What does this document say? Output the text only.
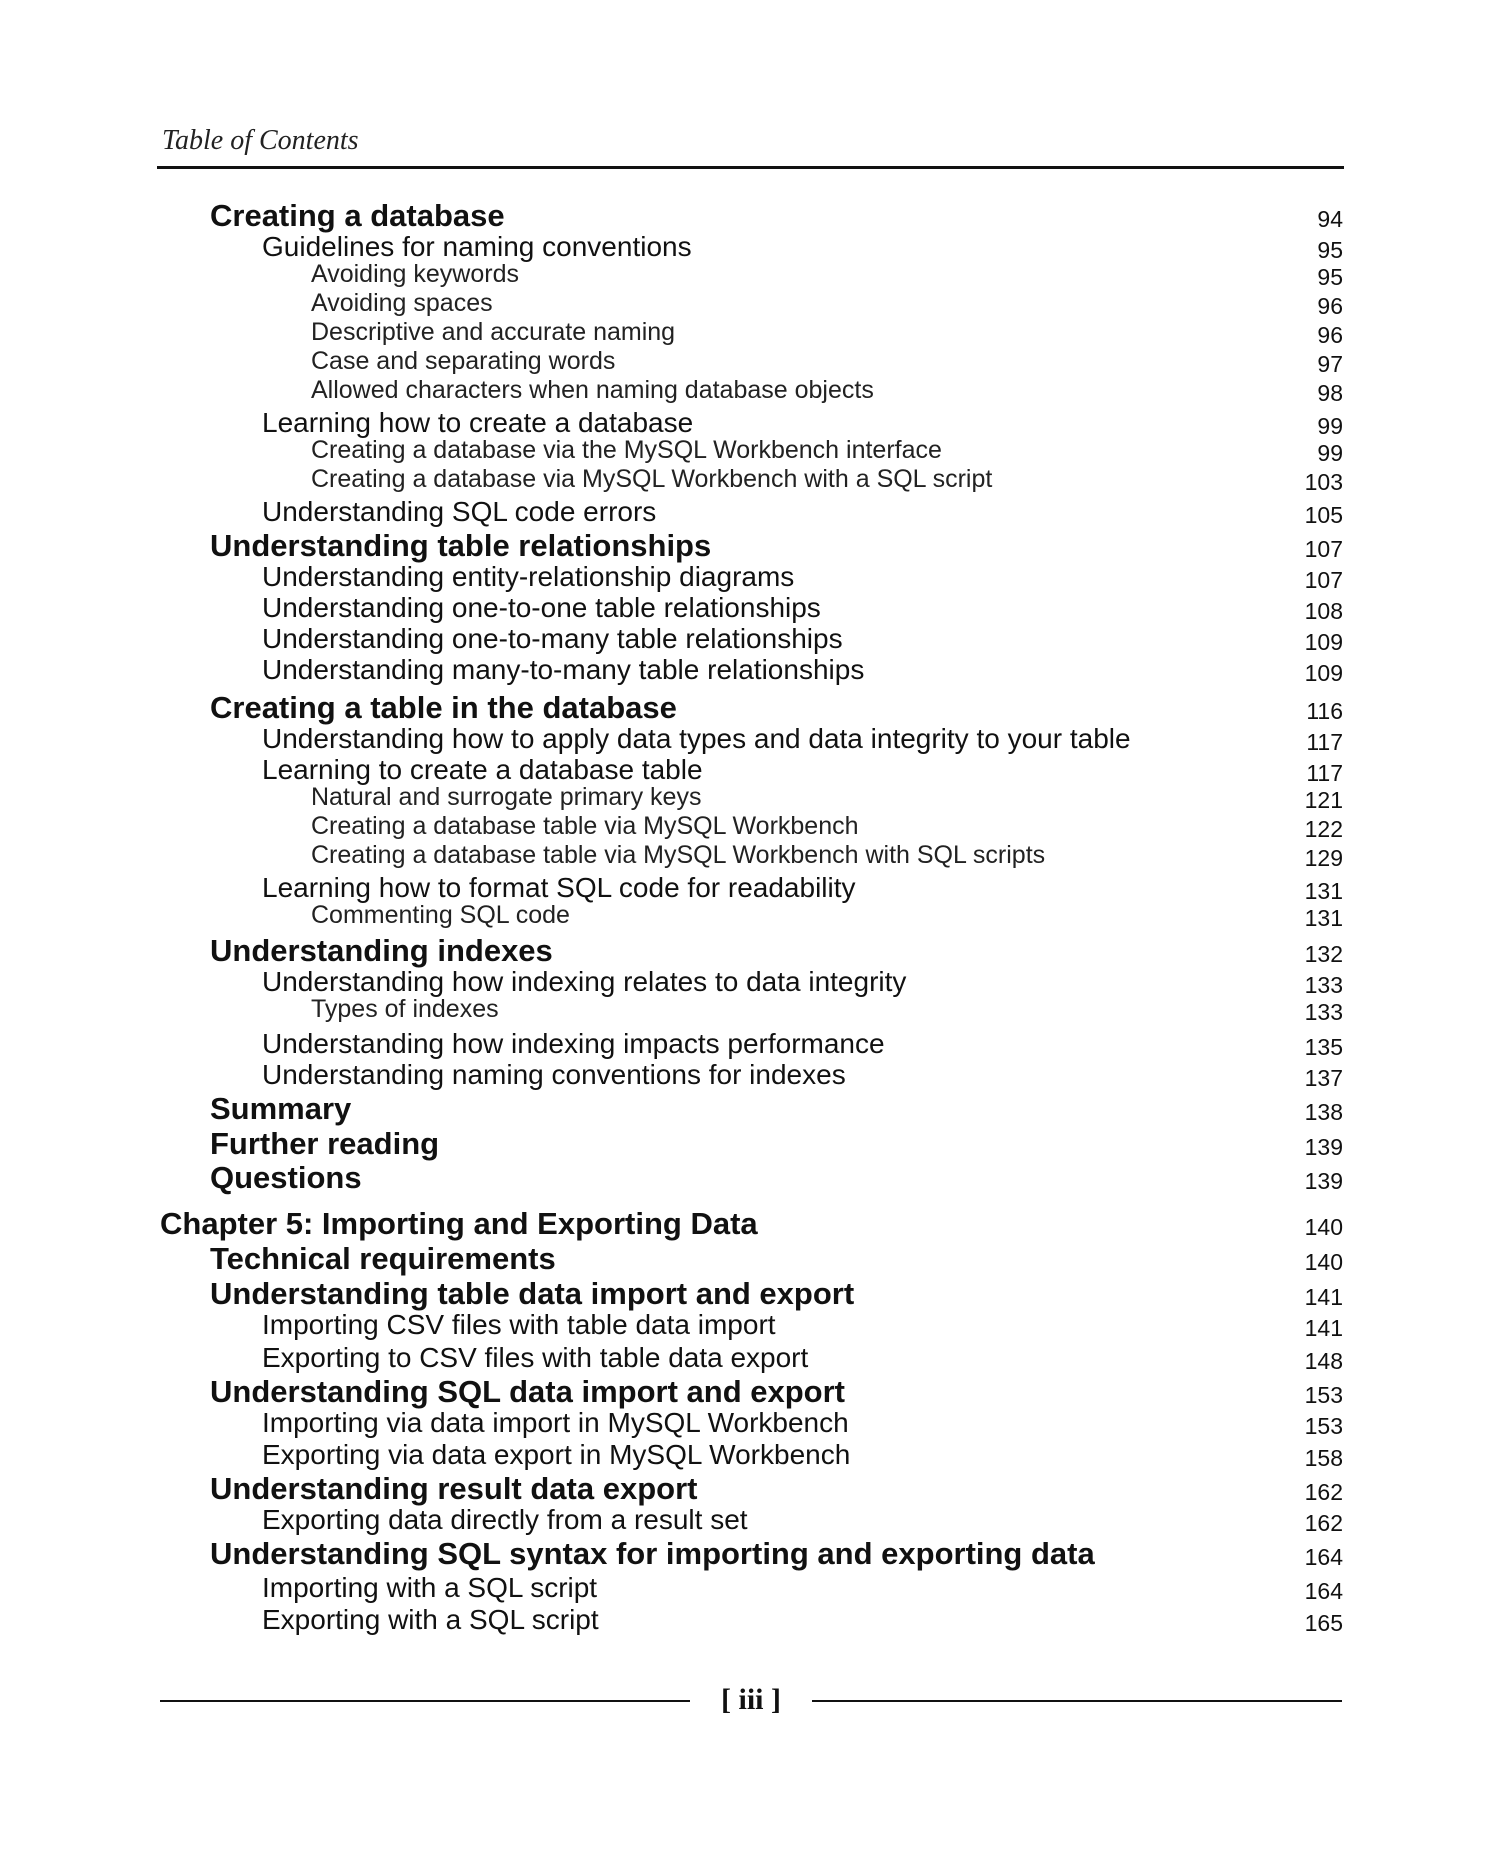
Table of Contents
Creating a database	94
Guidelines for naming conventions	95
Avoiding keywords	95
Avoiding spaces	96
Descriptive and accurate naming	96
Case and separating words	97
Allowed characters when naming database objects	98
Learning how to create a database	99
Creating a database via the MySQL Workbench interface	99
Creating a database via MySQL Workbench with a SQL script	103
Understanding SQL code errors	105
Understanding table relationships	107
Understanding entity-relationship diagrams	107
Understanding one-to-one table relationships	108
Understanding one-to-many table relationships	109
Understanding many-to-many table relationships	109
Creating a table in the database	116
Understanding how to apply data types and data integrity to your table	117
Learning to create a database table	117
Natural and surrogate primary keys	121
Creating a database table via MySQL Workbench	122
Creating a database table via MySQL Workbench with SQL scripts	129
Learning how to format SQL code for readability	131
Commenting SQL code	131
Understanding indexes	132
Understanding how indexing relates to data integrity	133
Types of indexes	133
Understanding how indexing impacts performance	135
Understanding naming conventions for indexes	137
Summary	138
Further reading	139
Questions	139
Chapter 5: Importing and Exporting Data	140
Technical requirements	140
Understanding table data import and export	141
Importing CSV files with table data import	141
Exporting to CSV files with table data export	148
Understanding SQL data import and export	153
Importing via data import in MySQL Workbench	153
Exporting via data export in MySQL Workbench	158
Understanding result data export	162
Exporting data directly from a result set	162
Understanding SQL syntax for importing and exporting data	164
Importing with a SQL script	164
Exporting with a SQL script	165
[ iii ]
